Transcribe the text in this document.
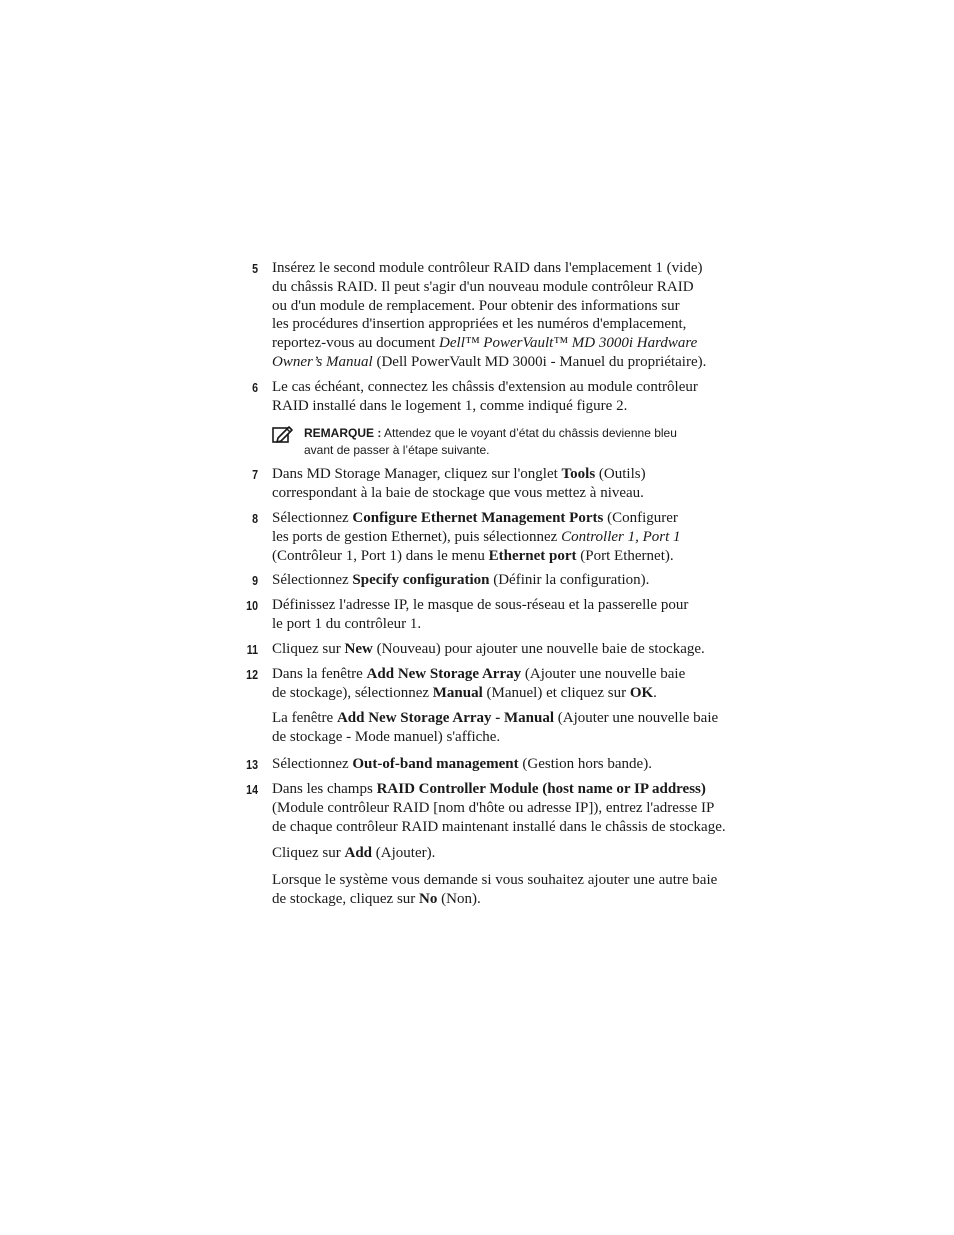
REMARQUE : Attendez que le voyant d’état du châssis devienne bleu
avant de passer à l’étape suivante.
5 Insérez le second module contrôleur RAID dans l'emplacement 1 (vide)
du châssis RAID. Il peut s'agir d'un nouveau module contrôleur RAID
ou d'un module de remplacement. Pour obtenir des informations sur
les procédures d'insertion appropriées et les numéros d'emplacement,
reportez-vous au document Dell™ PowerVault™ MD 3000i Hardware
Owner’s Manual (Dell PowerVault MD 3000i - Manuel du propriétaire).
6 Le cas échéant, connectez les châssis d'extension au module contrôleur
RAID installé dans le logement 1, comme indiqué figure 2.
7 Dans MD Storage Manager, cliquez sur l'onglet Tools (Outils)
correspondant à la baie de stockage que vous mettez à niveau.
8 Sélectionnez Configure Ethernet Management Ports (Configurer
les ports de gestion Ethernet), puis sélectionnez Controller 1, Port 1
(Contrôleur 1, Port 1) dans le menu Ethernet port (Port Ethernet).
9 Sélectionnez Specify configuration (Définir la configuration).
10 Définissez l'adresse IP, le masque de sous-réseau et la passerelle pour
le port 1 du contrôleur 1.
11 Cliquez sur New (Nouveau) pour ajouter une nouvelle baie de stockage.
12 Dans la fenêtre Add New Storage Array (Ajouter une nouvelle baie
de stockage), sélectionnez Manual (Manuel) et cliquez sur OK.
La fenêtre Add New Storage Array - Manual (Ajouter une nouvelle baie
de stockage - Mode manuel) s'affiche.
13 Sélectionnez Out-of-band management (Gestion hors bande).
14 Dans les champs RAID Controller Module (host name or IP address)
(Module contrôleur RAID [nom d'hôte ou adresse IP]), entrez l'adresse IP
de chaque contrôleur RAID maintenant installé dans le châssis de stockage.
Cliquez sur Add (Ajouter).
Lorsque le système vous demande si vous souhaitez ajouter une autre baie
de stockage, cliquez sur No (Non).
